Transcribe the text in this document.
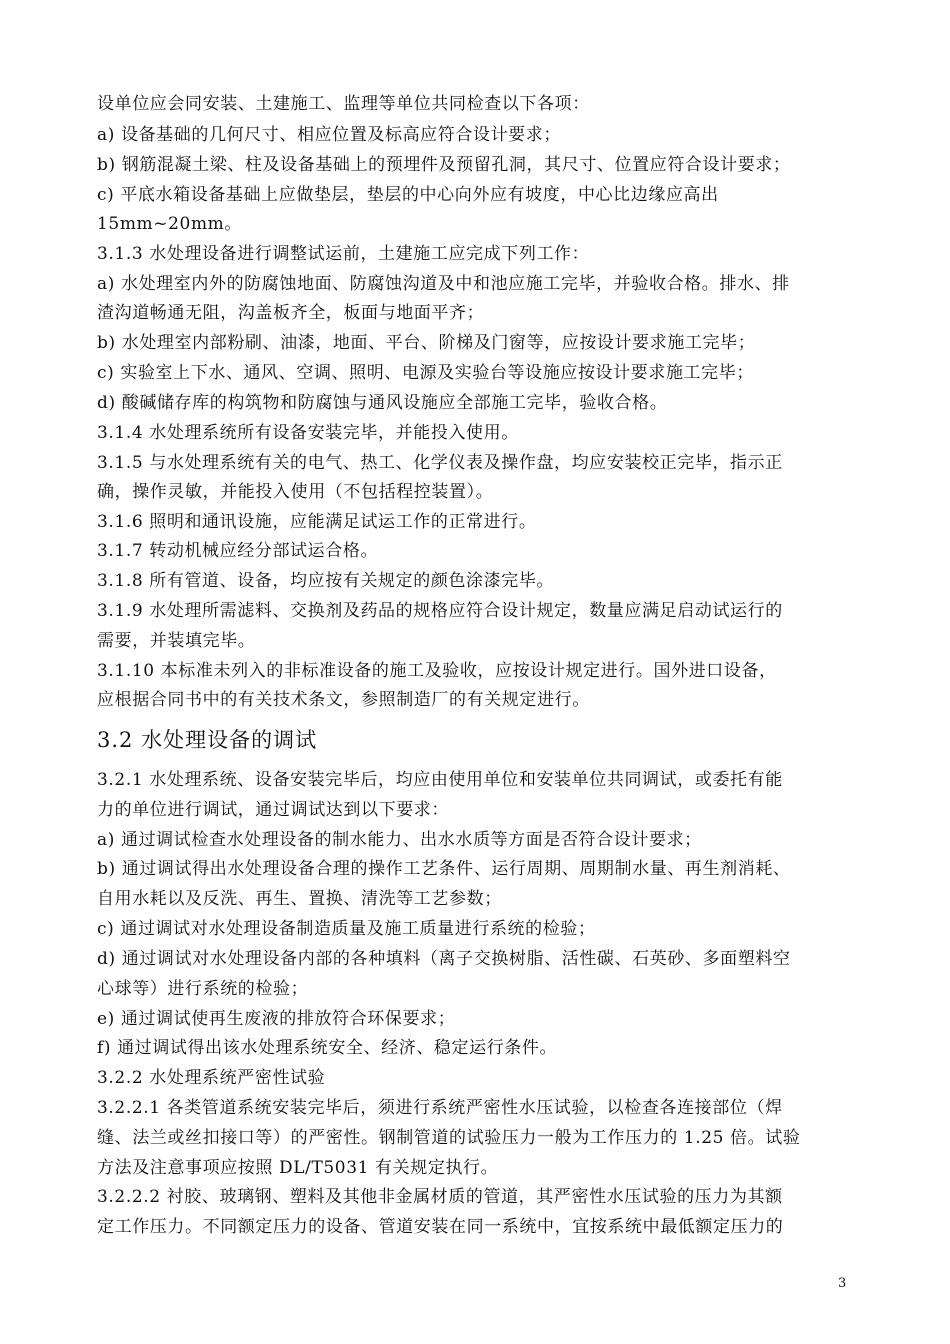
设单位应会同安装、土建施工、监理等单位共同检查以下各项：
a) 设备基础的几何尺寸、相应位置及标高应符合设计要求；
b) 钢筋混凝土梁、柱及设备基础上的预埋件及预留孔洞，其尺寸、位置应符合设计要求；
c) 平底水箱设备基础上应做垫层，垫层的中心向外应有坡度，中心比边缘应高出
15mm~20mm。
3.1.3 水处理设备进行调整试运前，土建施工应完成下列工作：
a) 水处理室内外的防腐蚀地面、防腐蚀沟道及中和池应施工完毕，并验收合格。排水、排
渣沟道畅通无阻，沟盖板齐全，板面与地面平齐；
b) 水处理室内部粉刷、油漆，地面、平台、阶梯及门窗等，应按设计要求施工完毕；
c) 实验室上下水、通风、空调、照明、电源及实验台等设施应按设计要求施工完毕；
d) 酸碱储存库的构筑物和防腐蚀与通风设施应全部施工完毕，验收合格。
3.1.4 水处理系统所有设备安装完毕，并能投入使用。
3.1.5 与水处理系统有关的电气、热工、化学仪表及操作盘，均应安装校正完毕，指示正
确，操作灵敏，并能投入使用（不包括程控装置）。
3.1.6 照明和通讯设施，应能满足试运工作的正常进行。
3.1.7 转动机械应经分部试运合格。
3.1.8 所有管道、设备，均应按有关规定的颜色涂漆完毕。
3.1.9 水处理所需滤料、交换剂及药品的规格应符合设计规定，数量应满足启动试运行的
需要，并装填完毕。
3.1.10 本标准未列入的非标准设备的施工及验收，应按设计规定进行。国外进口设备，
应根据合同书中的有关技术条文，参照制造厂的有关规定进行。
3.2 水处理设备的调试
3.2.1 水处理系统、设备安装完毕后，均应由使用单位和安装单位共同调试，或委托有能
力的单位进行调试，通过调试达到以下要求：
a) 通过调试检查水处理设备的制水能力、出水水质等方面是否符合设计要求；
b) 通过调试得出水处理设备合理的操作工艺条件、运行周期、周期制水量、再生剂消耗、
自用水耗以及反洗、再生、置换、清洗等工艺参数；
c) 通过调试对水处理设备制造质量及施工质量进行系统的检验；
d) 通过调试对水处理设备内部的各种填料（离子交换树脂、活性碳、石英砂、多面塑料空
心球等）进行系统的检验；
e) 通过调试使再生废液的排放符合环保要求；
f) 通过调试得出该水处理系统安全、经济、稳定运行条件。
3.2.2 水处理系统严密性试验
3.2.2.1 各类管道系统安装完毕后，须进行系统严密性水压试验，以检查各连接部位（焊
缝、法兰或丝扣接口等）的严密性。钢制管道的试验压力一般为工作压力的 1.25 倍。试验
方法及注意事项应按照 DL/T5031 有关规定执行。
3.2.2.2 衬胶、玻璃钢、塑料及其他非金属材质的管道，其严密性水压试验的压力为其额
定工作压力。不同额定压力的设备、管道安装在同一系统中，宜按系统中最低额定压力的
3
